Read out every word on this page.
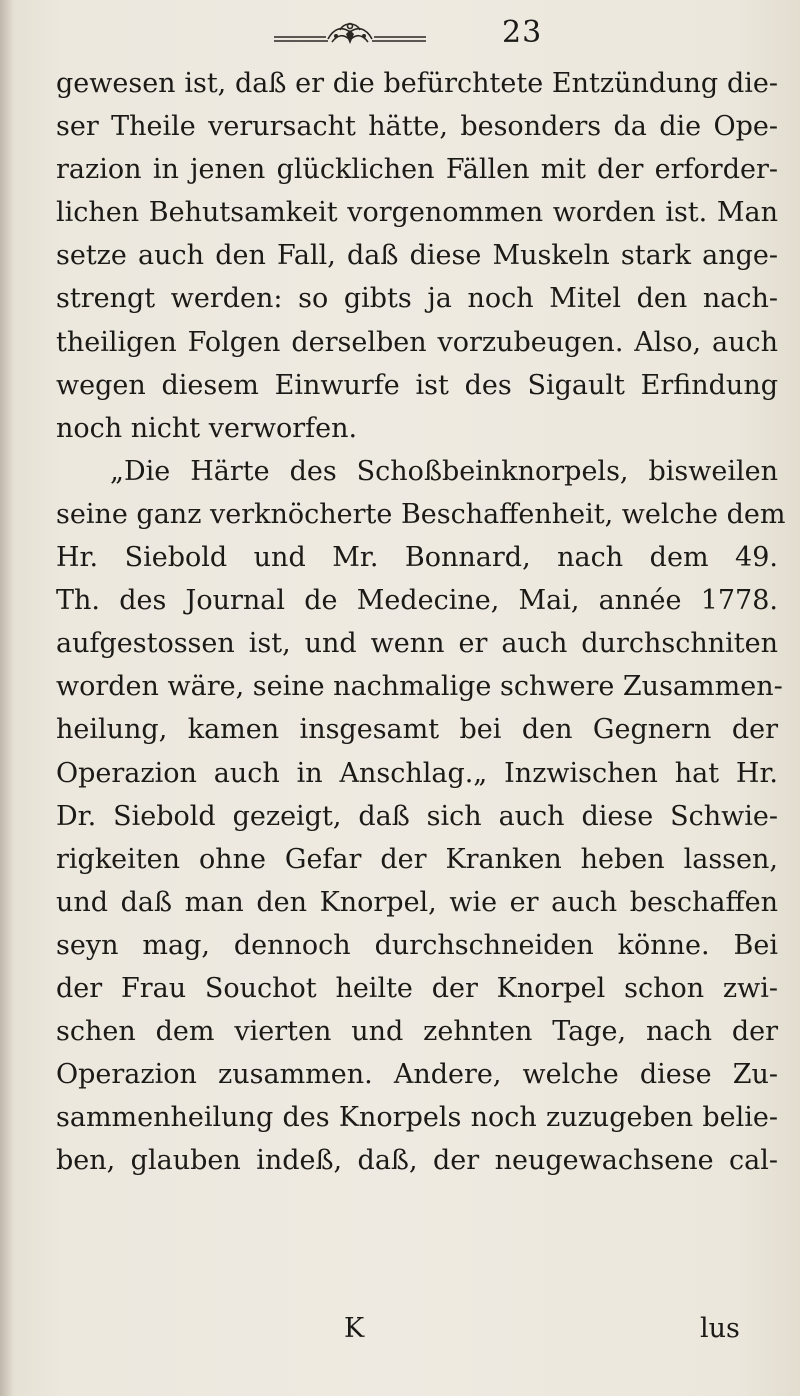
23
gewesen ist, daß er die befürchtete Entzündung die-
ser Theile verursacht hätte, besonders da die Ope-
razion in jenen glücklichen Fällen mit der erforder-
lichen Behutsamkeit vorgenommen worden ist. Man
setze auch den Fall, daß diese Muskeln stark ange-
strengt werden: so gibts ja noch Mitel den nach-
theiligen Folgen derselben vorzubeugen. Also, auch
wegen diesem Einwurfe ist des Sigault Erfindung
noch nicht verworfen.
„Die Härte des Schoßbeinknorpels, bisweilen
seine ganz verknöcherte Beschaffenheit, welche dem
Hr. Siebold und Mr. Bonnard, nach dem 49.
Th. des Journal de Medecine, Mai, année 1778.
aufgestossen ist, und wenn er auch durchschniten
worden wäre, seine nachmalige schwere Zusammen-
heilung, kamen insgesamt bei den Gegnern der
Operazion auch in Anschlag.„ Inzwischen hat Hr.
Dr. Siebold gezeigt, daß sich auch diese Schwie-
rigkeiten ohne Gefar der Kranken heben lassen,
und daß man den Knorpel, wie er auch beschaffen
seyn mag, dennoch durchschneiden könne. Bei
der Frau Souchot heilte der Knorpel schon zwi-
schen dem vierten und zehnten Tage, nach der
Operazion zusammen. Andere, welche diese Zu-
sammenheilung des Knorpels noch zuzugeben belie-
ben, glauben indeß, daß, der neugewachsene cal-
K	lus
